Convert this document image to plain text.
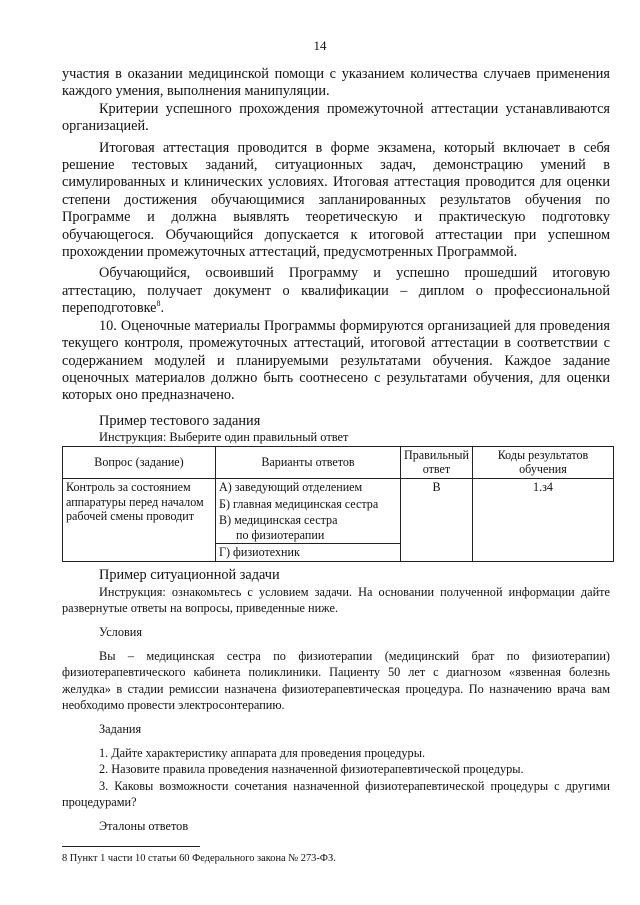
14

участия в оказании медицинской помощи с указанием количества случаев применения каждого умения, выполнения манипуляции.

Критерии успешного прохождения промежуточной аттестации устанавливаются организацией.

Итоговая аттестация проводится в форме экзамена, который включает в себя решение тестовых заданий, ситуационных задач, демонстрацию умений в симулированных и клинических условиях. Итоговая аттестация проводится для оценки степени достижения обучающимися запланированных результатов обучения по Программе и должна выявлять теоретическую и практическую подготовку обучающегося. Обучающийся допускается к итоговой аттестации при успешном прохождении промежуточных аттестаций, предусмотренных Программой.

Обучающийся, освоивший Программу и успешно прошедший итоговую аттестацию, получает документ о квалификации – диплом о профессиональной переподготовке$^8$.

10. Оценочные материалы Программы формируются организацией для проведения текущего контроля, промежуточных аттестаций, итоговой аттестации в соответствии с содержанием модулей и планируемыми результатами обучения. Каждое задание оценочных материалов должно быть соотнесено с результатами обучения, для оценки которых оно предназначено.

Пример тестового задания
Инструкция: Выберите один правильный ответ
Вопрос (задание)	Варианты ответов	Правильный ответ	Коды результатов обучения
Контроль за состоянием аппаратуры перед началом рабочей смены проводит	А) заведующий отделением
Б) главная медицинская сестра
В) медицинская сестра
по физиотерапии
Г) физиотехник	В	1.з4
Пример ситуационной задачи

Инструкция: ознакомьтесь с условием задачи. На основании полученной информации дайте развернутые ответы на вопросы, приведенные ниже.

Условия

Вы – медицинская сестра по физиотерапии (медицинский брат по физиотерапии) физиотерапевтического кабинета поликлиники. Пациенту 50 лет с диагнозом «язвенная болезнь желудка» в стадии ремиссии назначена физиотерапевтическая процедура. По назначению врача вам необходимо провести электросонтерапию.

Задания

1. Дайте характеристику аппарата для проведения процедуры.

2. Назовите правила проведения назначенной физиотерапевтической процедуры.

3. Каковы возможности сочетания назначенной физиотерапевтической процедуры с другими процедурами?

Эталоны ответов

8 Пункт 1 части 10 статьи 60 Федерального закона № 273-ФЗ.
